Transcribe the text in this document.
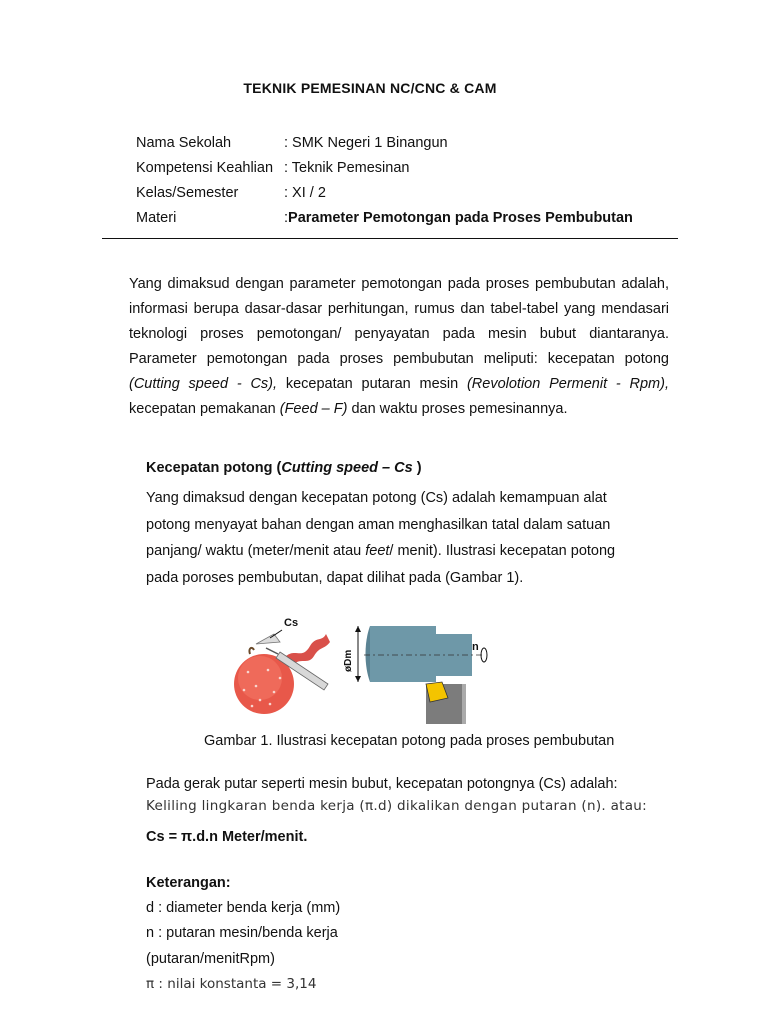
TEKNIK PEMESINAN NC/CNC & CAM
Nama Sekolah	: SMK Negeri 1 Binangun
Kompetensi Keahlian : Teknik Pemesinan
Kelas/Semester	: XI / 2
Materi	:Parameter Pemotongan pada Proses Pembubutan
Yang dimaksud dengan parameter pemotongan pada proses pembubutan adalah, informasi berupa dasar-dasar perhitungan, rumus dan tabel-tabel yang mendasari teknologi proses pemotongan/ penyayatan pada mesin bubut diantaranya. Parameter pemotongan pada proses pembubutan meliputi: kecepatan potong (Cutting speed - Cs), kecepatan putaran mesin (Revolotion Permenit - Rpm), kecepatan pemakanan (Feed – F) dan waktu proses pemesinannya.
Kecepatan potong (Cutting speed – Cs )
Yang dimaksud dengan kecepatan potong (Cs) adalah kemampuan alat potong menyayat bahan dengan aman menghasilkan tatal dalam satuan panjang/ waktu (meter/menit atau feet/ menit). Ilustrasi kecepatan potong pada poroses pembubutan, dapat dilihat pada (Gambar 1).
Cs
øDm
n
Gambar 1. Ilustrasi kecepatan potong pada proses pembubutan
Pada gerak putar seperti mesin bubut, kecepatan potongnya (Cs) adalah:
Keliling lingkaran benda kerja (π.d) dikalikan dengan putaran (n). atau:
Cs = π.d.n Meter/menit.
Keterangan:
d : diameter benda kerja (mm)
n : putaran mesin/benda kerja
(putaran/menitRpm)
π : nilai konstanta = 3,14
